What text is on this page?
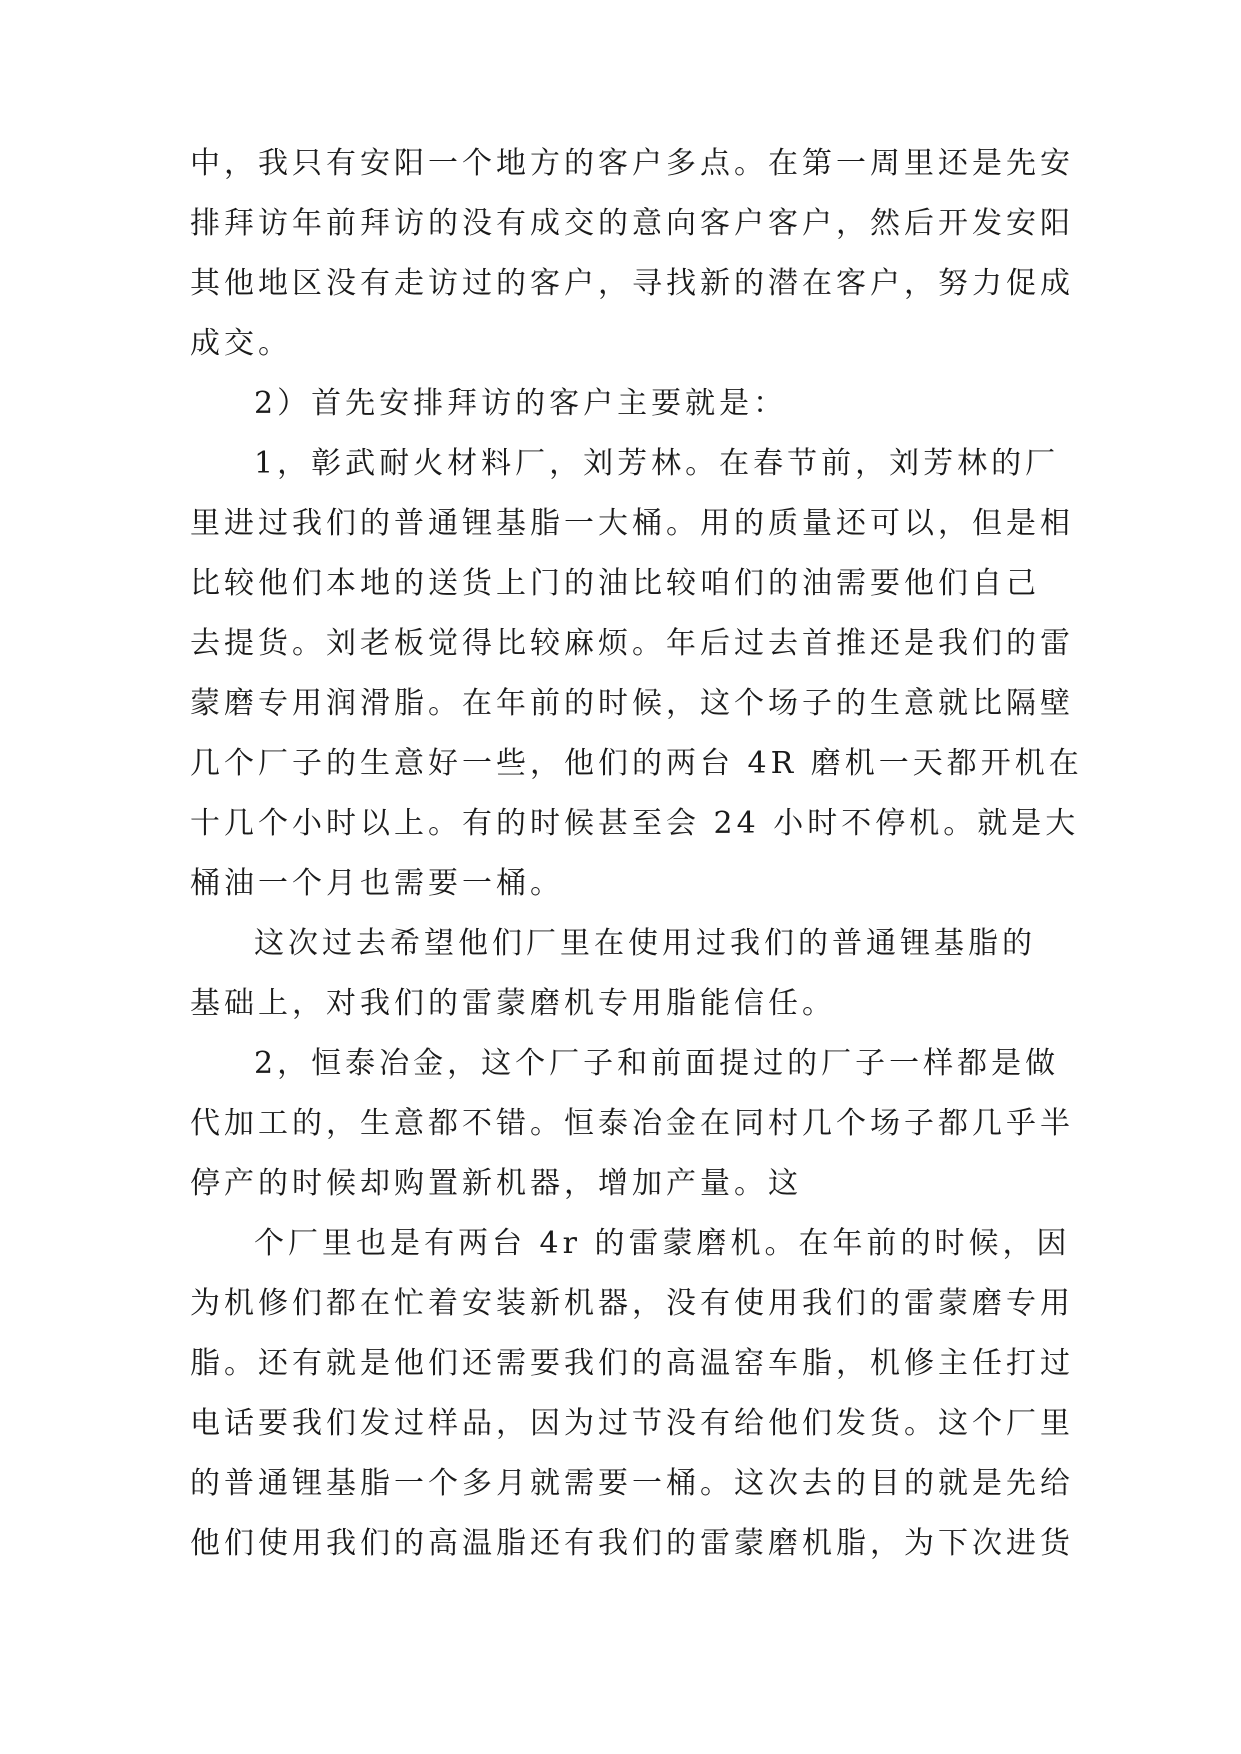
中，我只有安阳一个地方的客户多点。在第一周里还是先安
排拜访年前拜访的没有成交的意向客户客户，然后开发安阳
其他地区没有走访过的客户，寻找新的潜在客户，努力促成
成交。
2）首先安排拜访的客户主要就是：
1，彰武耐火材料厂，刘芳林。在春节前，刘芳林的厂
里进过我们的普通锂基脂一大桶。用的质量还可以，但是相
比较他们本地的送货上门的油比较咱们的油需要他们自己
去提货。刘老板觉得比较麻烦。年后过去首推还是我们的雷
蒙磨专用润滑脂。在年前的时候，这个场子的生意就比隔壁
几个厂子的生意好一些，他们的两台 4R 磨机一天都开机在
十几个小时以上。有的时候甚至会 24 小时不停机。就是大
桶油一个月也需要一桶。
这次过去希望他们厂里在使用过我们的普通锂基脂的
基础上，对我们的雷蒙磨机专用脂能信任。
2，恒泰冶金，这个厂子和前面提过的厂子一样都是做
代加工的，生意都不错。恒泰冶金在同村几个场子都几乎半
停产的时候却购置新机器，增加产量。这
个厂里也是有两台 4r 的雷蒙磨机。在年前的时候，因
为机修们都在忙着安装新机器，没有使用我们的雷蒙磨专用
脂。还有就是他们还需要我们的高温窑车脂，机修主任打过
电话要我们发过样品，因为过节没有给他们发货。这个厂里
的普通锂基脂一个多月就需要一桶。这次去的目的就是先给
他们使用我们的高温脂还有我们的雷蒙磨机脂，为下次进货
